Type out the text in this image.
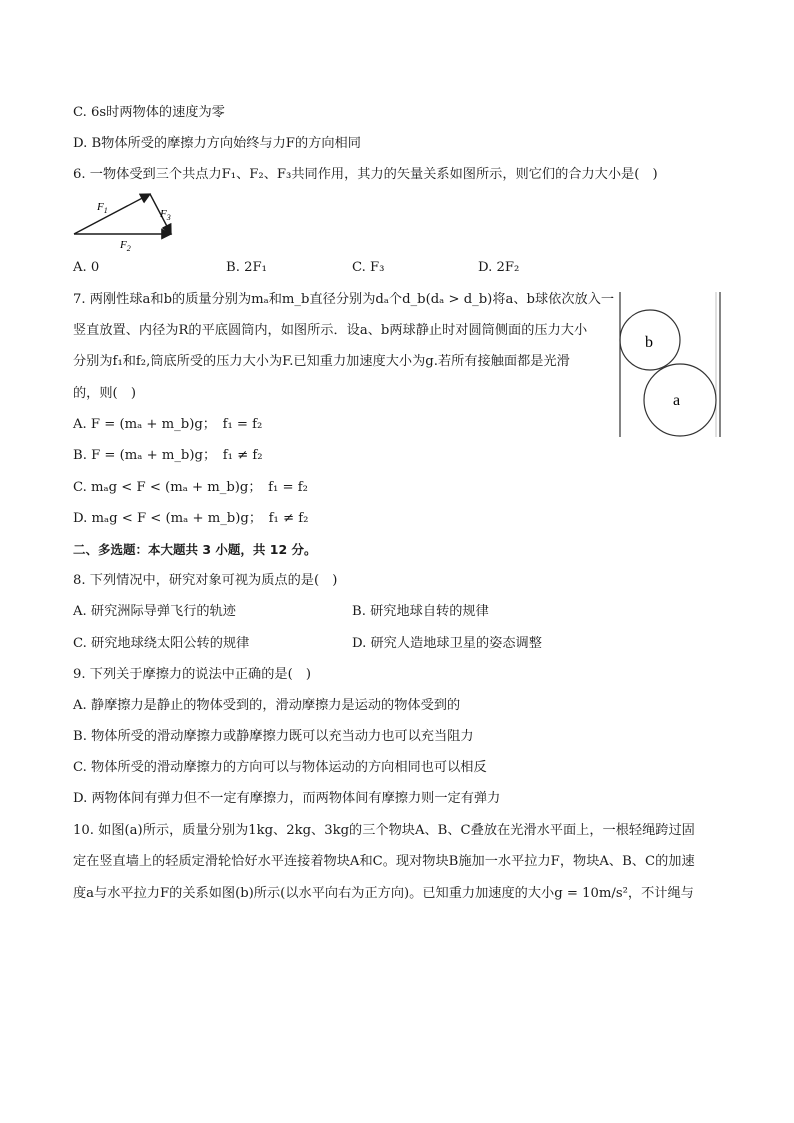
C. 6s时两物体的速度为零
D. B物体所受的摩擦力方向始终与力F的方向相同
6. 一物体受到三个共点力F₁、F₂、F₃共同作用，其力的矢量关系如图所示，则它们的合力大小是(　)
$F_1$	$F_3$
$F_2$
A. 0	B. 2F₁	C. F₃	D. 2F₂
7. 两刚性球a和b的质量分别为mₐ和m_b直径分别为dₐ个d_b(dₐ > d_b)将a、b球依次放入一
竖直放置、内径为R的平底圆筒内，如图所示．设a、b两球静止时对圆筒侧面的压力大小
分别为f₁和f₂,筒底所受的压力大小为F.已知重力加速度大小为g.若所有接触面都是光滑
的，则(　)
b
a
A. F = (mₐ + m_b)g；　f₁ = f₂
B. F = (mₐ + m_b)g；　f₁ ≠ f₂
C. mₐg < F < (mₐ + m_b)g；　f₁ = f₂
D. mₐg < F < (mₐ + m_b)g；　f₁ ≠ f₂
二、多选题：本大题共 3 小题，共 12 分。
8. 下列情况中，研究对象可视为质点的是(　)
A. 研究洲际导弹飞行的轨迹	B. 研究地球自转的规律
C. 研究地球绕太阳公转的规律	D. 研究人造地球卫星的姿态调整
9. 下列关于摩擦力的说法中正确的是(　)
A. 静摩擦力是静止的物体受到的，滑动摩擦力是运动的物体受到的
B. 物体所受的滑动摩擦力或静摩擦力既可以充当动力也可以充当阻力
C. 物体所受的滑动摩擦力的方向可以与物体运动的方向相同也可以相反
D. 两物体间有弹力但不一定有摩擦力，而两物体间有摩擦力则一定有弹力
10. 如图(a)所示，质量分别为1kg、2kg、3kg的三个物块A、B、C叠放在光滑水平面上，一根轻绳跨过固
定在竖直墙上的轻质定滑轮恰好水平连接着物块A和C。现对物块B施加一水平拉力F，物块A、B、C的加速
度a与水平拉力F的关系如图(b)所示(以水平向右为正方向)。已知重力加速度的大小g = 10m/s²，不计绳与
